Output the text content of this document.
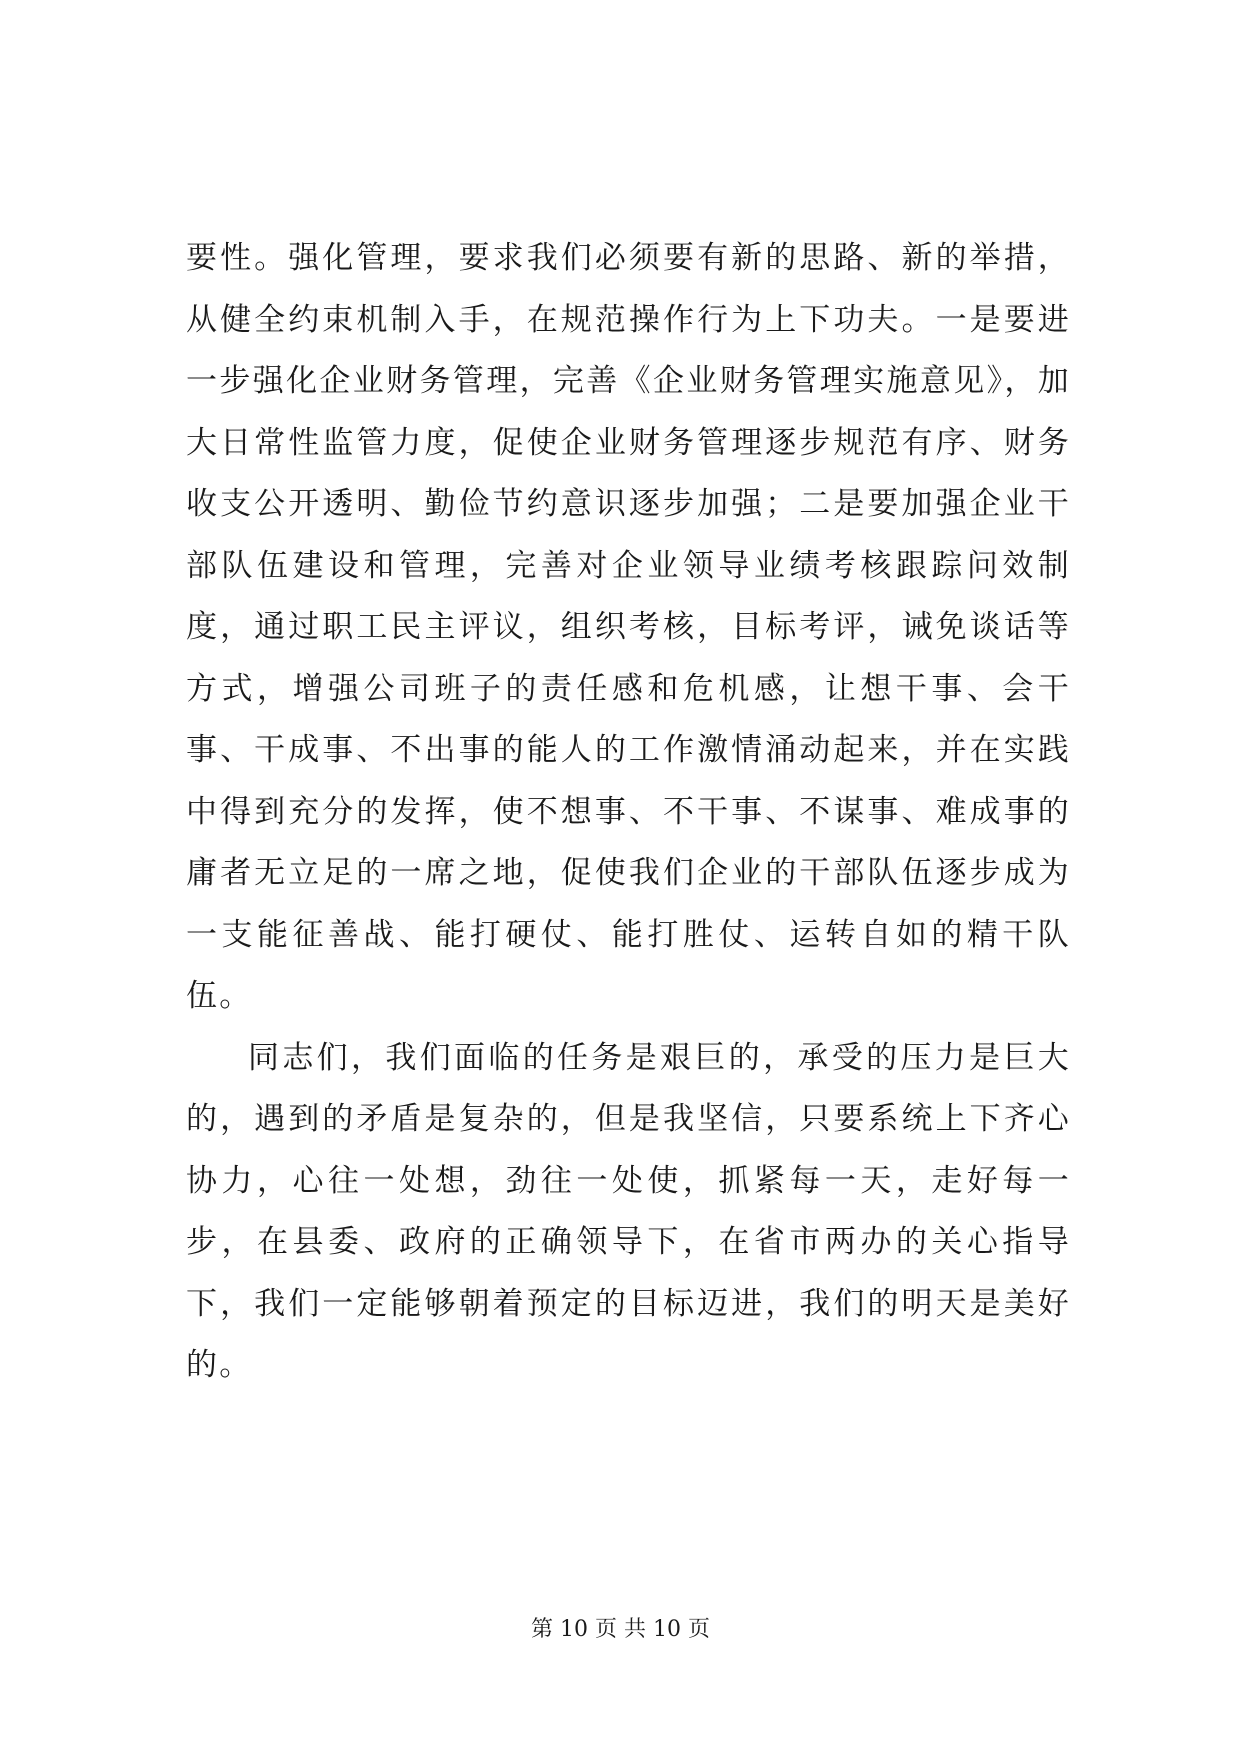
要性。强化管理，要求我们必须要有新的思路、新的举措，从健全约束机制入手，在规范操作行为上下功夫。一是要进一步强化企业财务管理，完善《企业财务管理实施意见》，加大日常性监管力度，促使企业财务管理逐步规范有序、财务收支公开透明、勤俭节约意识逐步加强；二是要加强企业干部队伍建设和管理，完善对企业领导业绩考核跟踪问效制度，通过职工民主评议，组织考核，目标考评，诫免谈话等方式，增强公司班子的责任感和危机感，让想干事、会干事、干成事、不出事的能人的工作激情涌动起来，并在实践中得到充分的发挥，使不想事、不干事、不谋事、难成事的庸者无立足的一席之地，促使我们企业的干部队伍逐步成为一支能征善战、能打硬仗、能打胜仗、运转自如的精干队伍。

同志们，我们面临的任务是艰巨的，承受的压力是巨大的，遇到的矛盾是复杂的，但是我坚信，只要系统上下齐心协力，心往一处想，劲往一处使，抓紧每一天，走好每一步，在县委、政府的正确领导下，在省市两办的关心指导下，我们一定能够朝着预定的目标迈进，我们的明天是美好的。

第 10 页 共 10 页
